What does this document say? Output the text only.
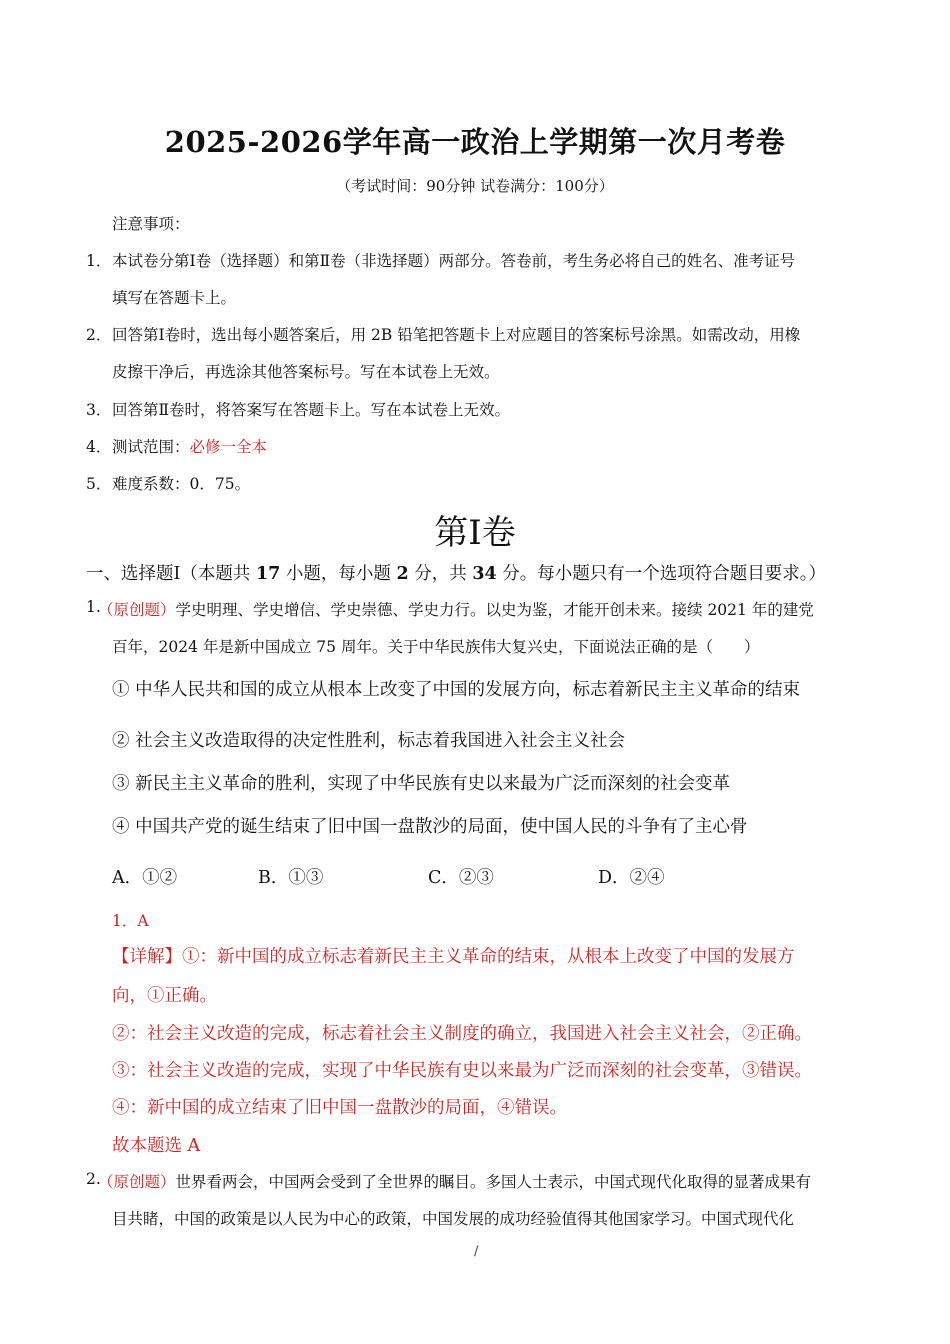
2025-2026学年高一政治上学期第一次月考卷
（考试时间：90分钟 试卷满分：100分）
注意事项：
1． 本试卷分第Ⅰ卷（选择题）和第Ⅱ卷（非选择题）两部分。答卷前，考生务必将自己的姓名、准考证号
填写在答题卡上。
2． 回答第Ⅰ卷时，选出每小题答案后，用 2B 铅笔把答题卡上对应题目的答案标号涂黑。如需改动，用橡
皮擦干净后，再选涂其他答案标号。写在本试卷上无效。
3． 回答第Ⅱ卷时，将答案写在答题卡上。写在本试卷上无效。
4． 测试范围：必修一全本
5． 难度系数：0．75。
第Ⅰ卷
一、选择题Ⅰ（本题共 17 小题，每小题 2 分，共 34 分。每小题只有一个选项符合题目要求。）
1.
（原创题）学史明理、学史增信、学史崇德、学史力行。以史为鉴，才能开创未来。接续 2021 年的建党
百年，2024 年是新中国成立 75 周年。关于中华民族伟大复兴史，下面说法正确的是（　　）
① 中华人民共和国的成立从根本上改变了中国的发展方向，标志着新民主主义革命的结束
② 社会主义改造取得的决定性胜利，标志着我国进入社会主义社会
③ 新民主主义革命的胜利，实现了中华民族有史以来最为广泛而深刻的社会变革
④ 中国共产党的诞生结束了旧中国一盘散沙的局面，使中国人民的斗争有了主心骨
A．①②	B．①③	C．②③	D．②④
1．A
【详解】①：新中国的成立标志着新民主主义革命的结束，从根本上改变了中国的发展方
向，①正确。
②：社会主义改造的完成，标志着社会主义制度的确立，我国进入社会主义社会，②正确。
③：社会主义改造的完成，实现了中华民族有史以来最为广泛而深刻的社会变革，③错误。
④：新中国的成立结束了旧中国一盘散沙的局面，④错误。
故本题选 A
2.
（原创题）世界看两会，中国两会受到了全世界的瞩目。多国人士表示，中国式现代化取得的显著成果有
目共睹，中国的政策是以人民为中心的政策，中国发展的成功经验值得其他国家学习。中国式现代化
/
